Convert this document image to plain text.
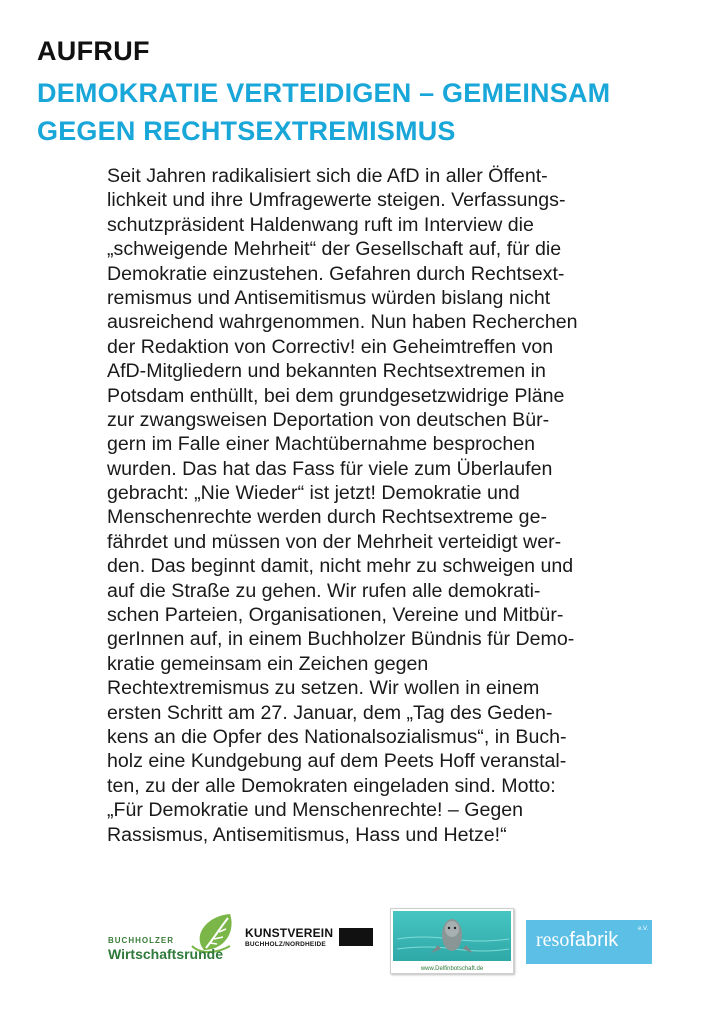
AUFRUF
DEMOKRATIE VERTEIDIGEN – GEMEINSAM
GEGEN RECHTSEXTREMISMUS
Seit Jahren radikalisiert sich die AfD in aller Öffent-
lichkeit und ihre Umfragewerte steigen. Verfassungs-
schutzpräsident Haldenwang ruft im Interview die
„schweigende Mehrheit“ der Gesellschaft auf, für die
Demokratie einzustehen. Gefahren durch Rechtsext-
remismus und Antisemitismus würden bislang nicht
ausreichend wahrgenommen. Nun haben Recherchen
der Redaktion von Correctiv! ein Geheimtreffen von
AfD-Mitgliedern und bekannten Rechtsextremen in
Potsdam enthüllt, bei dem grundgesetzwidrige Pläne
zur zwangsweisen Deportation von deutschen Bür-
gern im Falle einer Machtübernahme besprochen
wurden. Das hat das Fass für viele zum Überlaufen
gebracht: „Nie Wieder“ ist jetzt! Demokratie und
Menschenrechte werden durch Rechtsextreme ge-
fährdet und müssen von der Mehrheit verteidigt wer-
den. Das beginnt damit, nicht mehr zu schweigen und
auf die Straße zu gehen. Wir rufen alle demokrati-
schen Parteien, Organisationen, Vereine und Mitbür-
gerInnen auf, in einem Buchholzer Bündnis für Demo-
kratie gemeinsam ein Zeichen gegen
Rechtextremismus zu setzen. Wir wollen in einem
ersten Schritt am 27. Januar, dem „Tag des Geden-
kens an die Opfer des Nationalsozialismus“, in Buch-
holz eine Kundgebung auf dem Peets Hoff veranstal-
ten, zu der alle Demokraten eingeladen sind. Motto:
„Für Demokratie und Menschenrechte! – Gegen
Rassismus, Antisemitismus, Hass und Hetze!“
BUCHHOLZER
Wirtschaftsrunde
KUNSTVEREIN
BUCHHOLZ/NORDHEIDE
www.Delfinbotschaft.de
resofabrik	e.V.
